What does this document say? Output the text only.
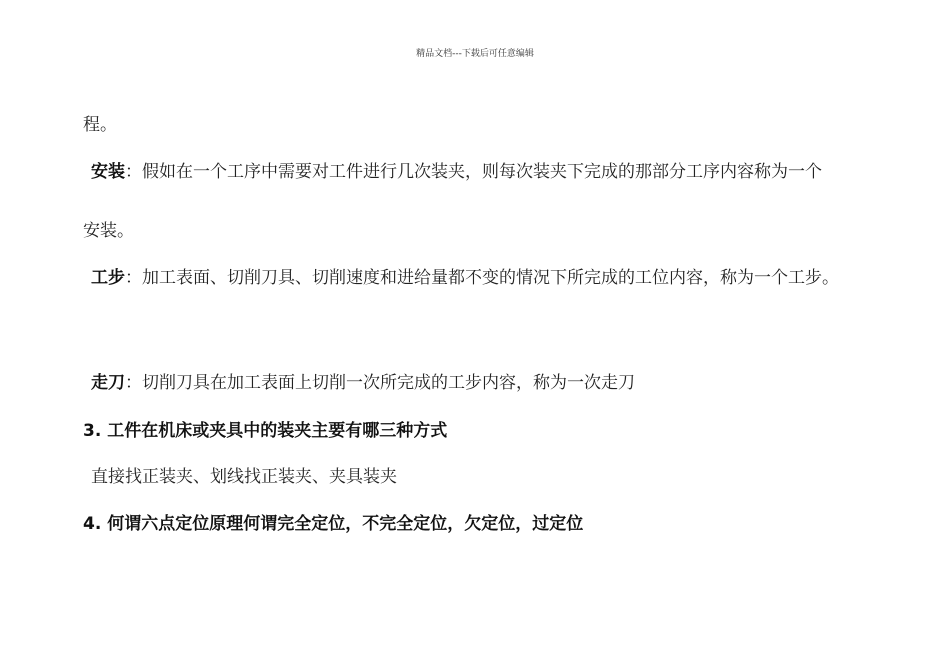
精品文档---下载后可任意编辑
程。
安装：假如在一个工序中需要对工件进行几次装夹，则每次装夹下完成的那部分工序内容称为一个
安装。
工步：加工表面、切削刀具、切削速度和进给量都不变的情况下所完成的工位内容，称为一个工步。
走刀：切削刀具在加工表面上切削一次所完成的工步内容，称为一次走刀
3. 工件在机床或夹具中的装夹主要有哪三种方式
直接找正装夹、划线找正装夹、夹具装夹
4. 何谓六点定位原理何谓完全定位，不完全定位，欠定位，过定位
